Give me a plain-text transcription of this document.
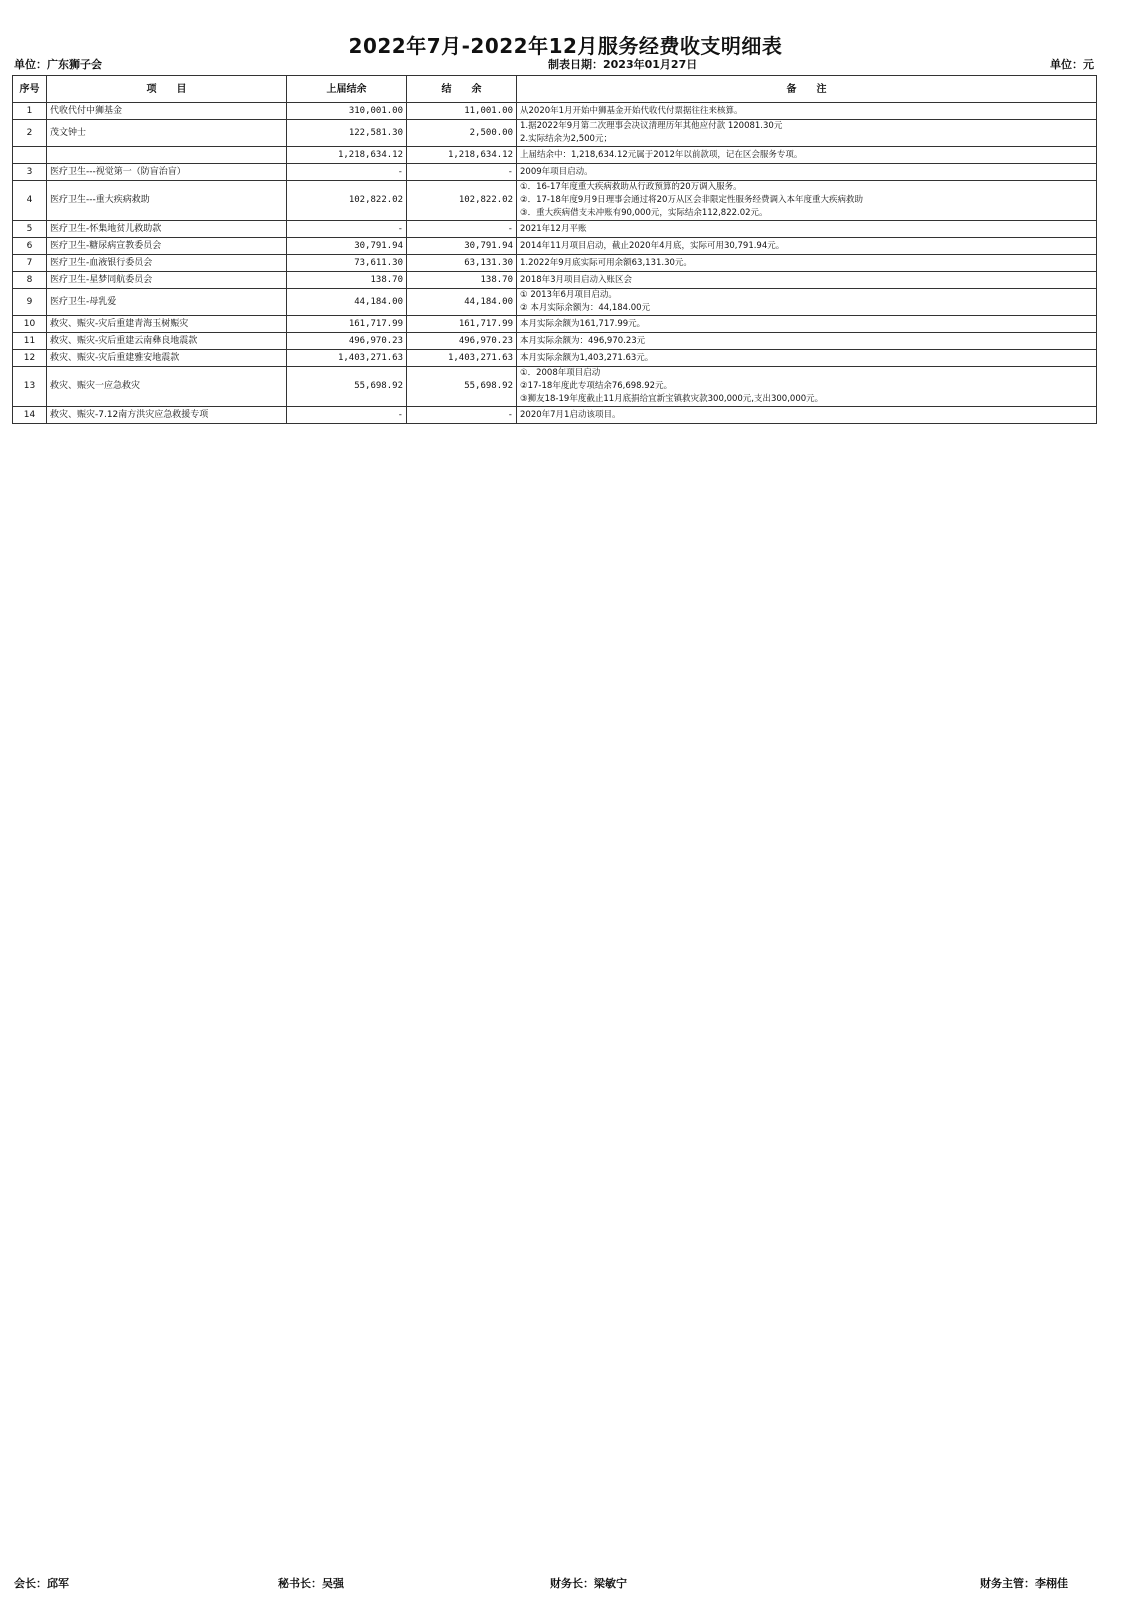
2022年7月-2022年12月服务经费收支明细表
单位：广东狮子会	制表日期：2023年01月27日	单位：元
序号	项　　目	上届结余	结　　余	备　　注
1	代收代付中狮基金	310,001.00	11,001.00	从2020年1月开始中狮基金开始代收代付票据往往来核算。
2	茂文钟士	122,581.30	2,500.00	1.据2022年9月第二次理事会决议清理历年其他应付款 120081.30元
2.实际结余为2,500元；
		1,218,634.12	1,218,634.12	上届结余中：1,218,634.12元属于2012年以前款项，记在区会服务专项。
3	医疗卫生---视觉第一（防盲治盲）	-	-	2009年项目启动。
4	医疗卫生---重大疾病救助	102,822.02	102,822.02	①．16-17年度重大疾病救助从行政预算的20万调入服务。
②．17-18年度9月9日理事会通过将20万从区会非限定性服务经费调入本年度重大疾病救助
③．重大疾病借支未冲账有90,000元，实际结余112,822.02元。
5	医疗卫生-怀集地贫儿救助款	-	-	2021年12月平账
6	医疗卫生-糖尿病宣教委员会	30,791.94	30,791.94	2014年11月项目启动，截止2020年4月底，实际可用30,791.94元。
7	医疗卫生-血液银行委员会	73,611.30	63,131.30	1.2022年9月底实际可用余额63,131.30元。
8	医疗卫生-星梦同航委员会	138.70	138.70	2018年3月项目启动入账区会
9	医疗卫生-母乳爱	44,184.00	44,184.00	① 2013年6月项目启动。
② 本月实际余额为：44,184.00元
10	救灾、赈灾-灾后重建青海玉树赈灾	161,717.99	161,717.99	本月实际余额为161,717.99元。
11	救灾、赈灾-灾后重建云南彝良地震款	496,970.23	496,970.23	本月实际余额为：496,970.23元
12	救灾、赈灾-灾后重建雅安地震款	1,403,271.63	1,403,271.63	本月实际余额为1,403,271.63元。
13	救灾、赈灾一应急救灾	55,698.92	55,698.92	①．2008年项目启动
②17-18年度此专项结余76,698.92元。
③狮友18-19年度截止11月底捐给宜新宝镇救灾款300,000元,支出300,000元。
14	救灾、赈灾-7.12南方洪灾应急救援专项	-	-	2020年7月1启动该项目。
会长：邱军	秘书长：吴强	财务长：梁敏宁	财务主管：李栩佳
